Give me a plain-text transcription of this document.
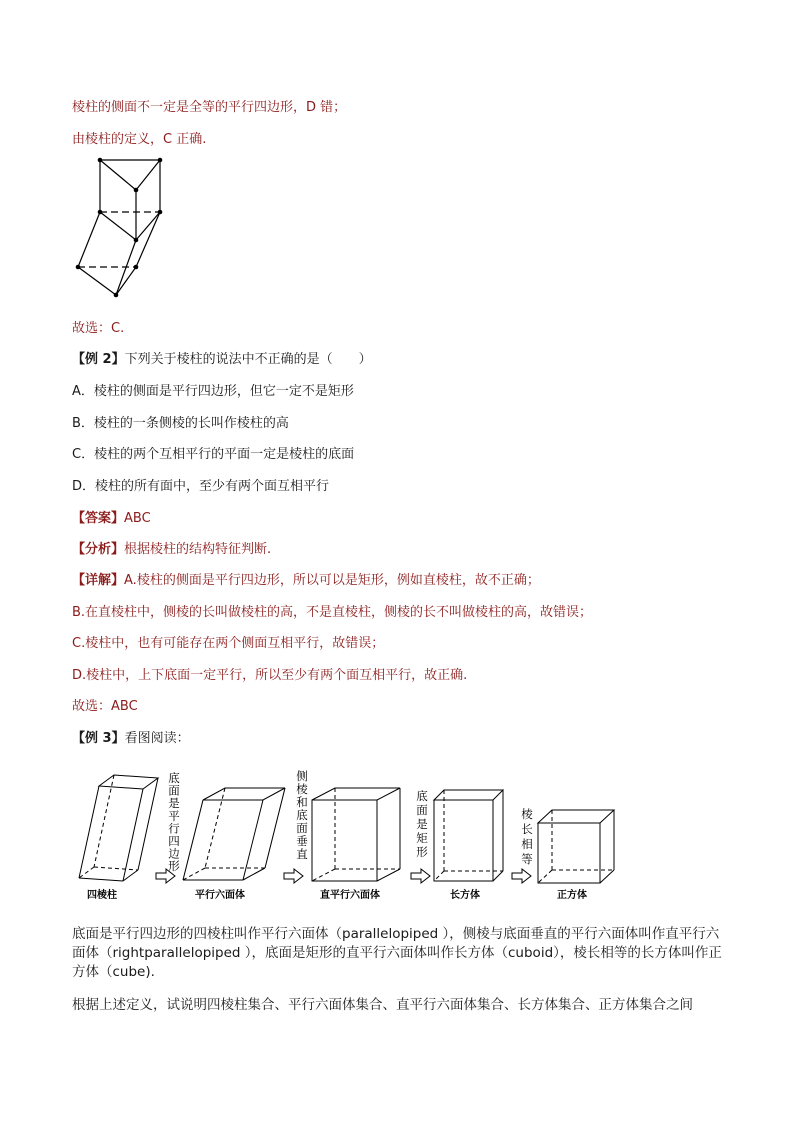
棱柱的侧面不一定是全等的平行四边形，D 错；
由棱柱的定义，C 正确.
故选：C.
【例 2】下列关于棱柱的说法中不正确的是（　　）
A．棱柱的侧面是平行四边形，但它一定不是矩形
B．棱柱的一条侧棱的长叫作棱柱的高
C．棱柱的两个互相平行的平面一定是棱柱的底面
D．棱柱的所有面中，至少有两个面互相平行
【答案】ABC
【分析】根据棱柱的结构特征判断.
【详解】A.棱柱的侧面是平行四边形，所以可以是矩形，例如直棱柱，故不正确；
B.在直棱柱中，侧棱的长叫做棱柱的高，不是直棱柱，侧棱的长不叫做棱柱的高，故错误；
C.棱柱中，也有可能存在两个侧面互相平行，故错误；
D.棱柱中，上下底面一定平行，所以至少有两个面互相平行，故正确.
故选：ABC
【例 3】看图阅读：
底面是平行四边形
侧棱和底面垂直
底面是矩形
棱长相等
四棱柱	平行六面体	直平行六面体	长方体	正方体
底面是平行四边形的四棱柱叫作平行六面体（parallelopiped ），侧棱与底面垂直的平行六面体叫作直平行六面体（rightparallelopiped ），底面是矩形的直平行六面体叫作长方体（cuboid），棱长相等的长方体叫作正方体（cube).
根据上述定义，试说明四棱柱集合、平行六面体集合、直平行六面体集合、长方体集合、正方体集合之间
